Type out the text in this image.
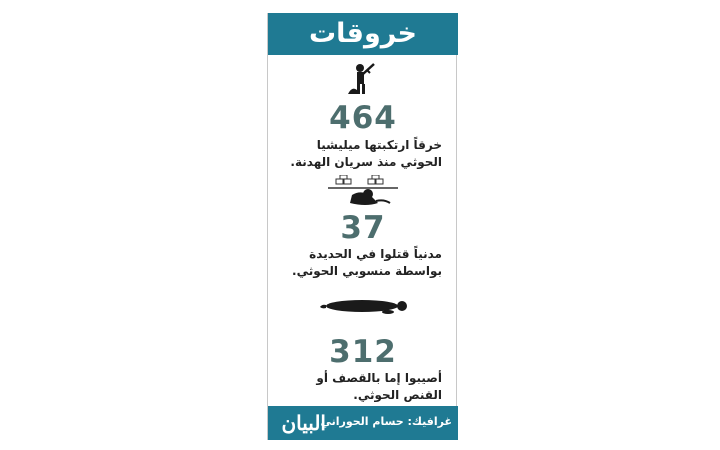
خروقات
464
خرقاً ارتكبتها ميليشيا الحوثي منذ سريان الهدنة.
37
مدنياً قتلوا في الحديدة بواسطة منسوبي الحوثي.
312
أصيبوا إما بالقصف أو القنص الحوثي.
غرافيك: حسام الحوراني
البيان
